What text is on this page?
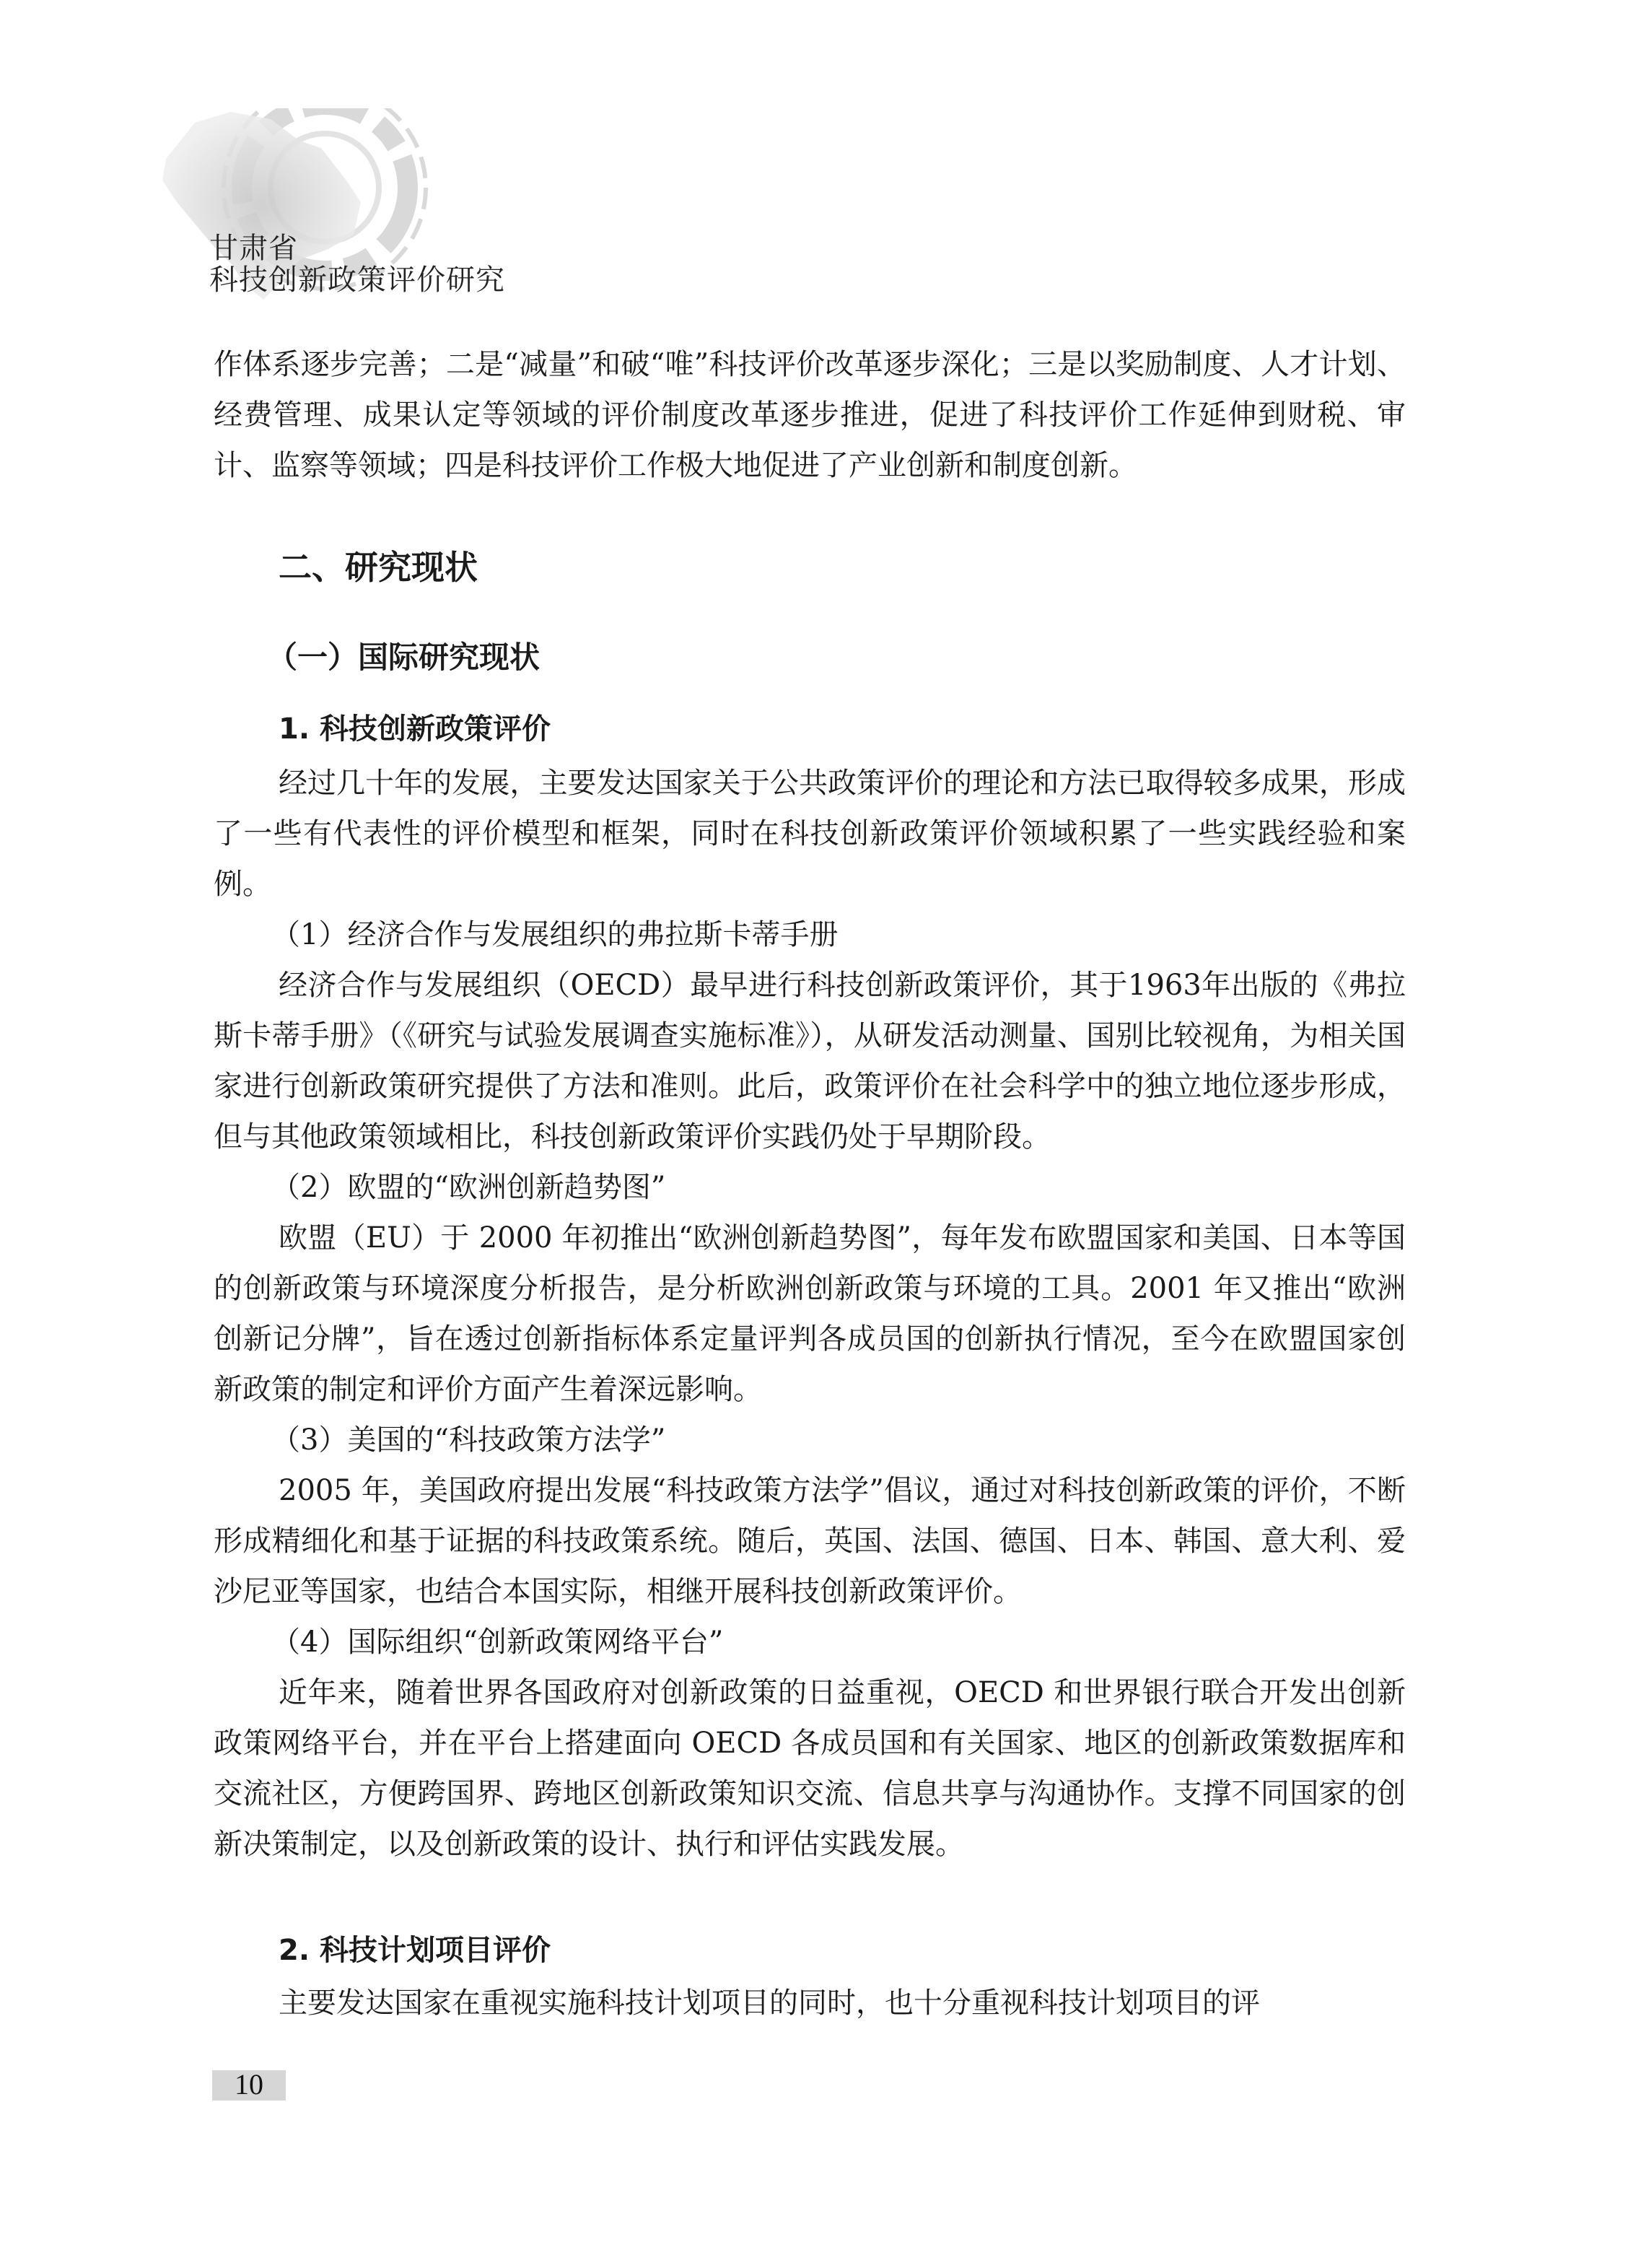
甘肃省
科技创新政策评价研究

作体系逐步完善；二是“减量”和破“唯”科技评价改革逐步深化；三是以奖励制度、人才计划、经费管理、成果认定等领域的评价制度改革逐步推进，促进了科技评价工作延伸到财税、审计、监察等领域；四是科技评价工作极大地促进了产业创新和制度创新。

二、研究现状
（一）国际研究现状
1. 科技创新政策评价

经过几十年的发展，主要发达国家关于公共政策评价的理论和方法已取得较多成果，形成了一些有代表性的评价模型和框架，同时在科技创新政策评价领域积累了一些实践经验和案例。

（1）经济合作与发展组织的弗拉斯卡蒂手册

经济合作与发展组织（OECD）最早进行科技创新政策评价，其于1963年出版的《弗拉斯卡蒂手册》（《研究与试验发展调查实施标准》），从研发活动测量、国别比较视角，为相关国家进行创新政策研究提供了方法和准则。此后，政策评价在社会科学中的独立地位逐步形成，但与其他政策领域相比，科技创新政策评价实践仍处于早期阶段。

（2）欧盟的“欧洲创新趋势图”

欧盟（EU）于 2000 年初推出“欧洲创新趋势图”，每年发布欧盟国家和美国、日本等国的创新政策与环境深度分析报告，是分析欧洲创新政策与环境的工具。2001 年又推出“欧洲创新记分牌”，旨在透过创新指标体系定量评判各成员国的创新执行情况，至今在欧盟国家创新政策的制定和评价方面产生着深远影响。

（3）美国的“科技政策方法学”

2005 年，美国政府提出发展“科技政策方法学”倡议，通过对科技创新政策的评价，不断形成精细化和基于证据的科技政策系统。随后，英国、法国、德国、日本、韩国、意大利、爱沙尼亚等国家，也结合本国实际，相继开展科技创新政策评价。

（4）国际组织“创新政策网络平台”

近年来，随着世界各国政府对创新政策的日益重视，OECD 和世界银行联合开发出创新政策网络平台，并在平台上搭建面向 OECD 各成员国和有关国家、地区的创新政策数据库和交流社区，方便跨国界、跨地区创新政策知识交流、信息共享与沟通协作。支撑不同国家的创新决策制定，以及创新政策的设计、执行和评估实践发展。

2. 科技计划项目评价

主要发达国家在重视实施科技计划项目的同时，也十分重视科技计划项目的评

10
